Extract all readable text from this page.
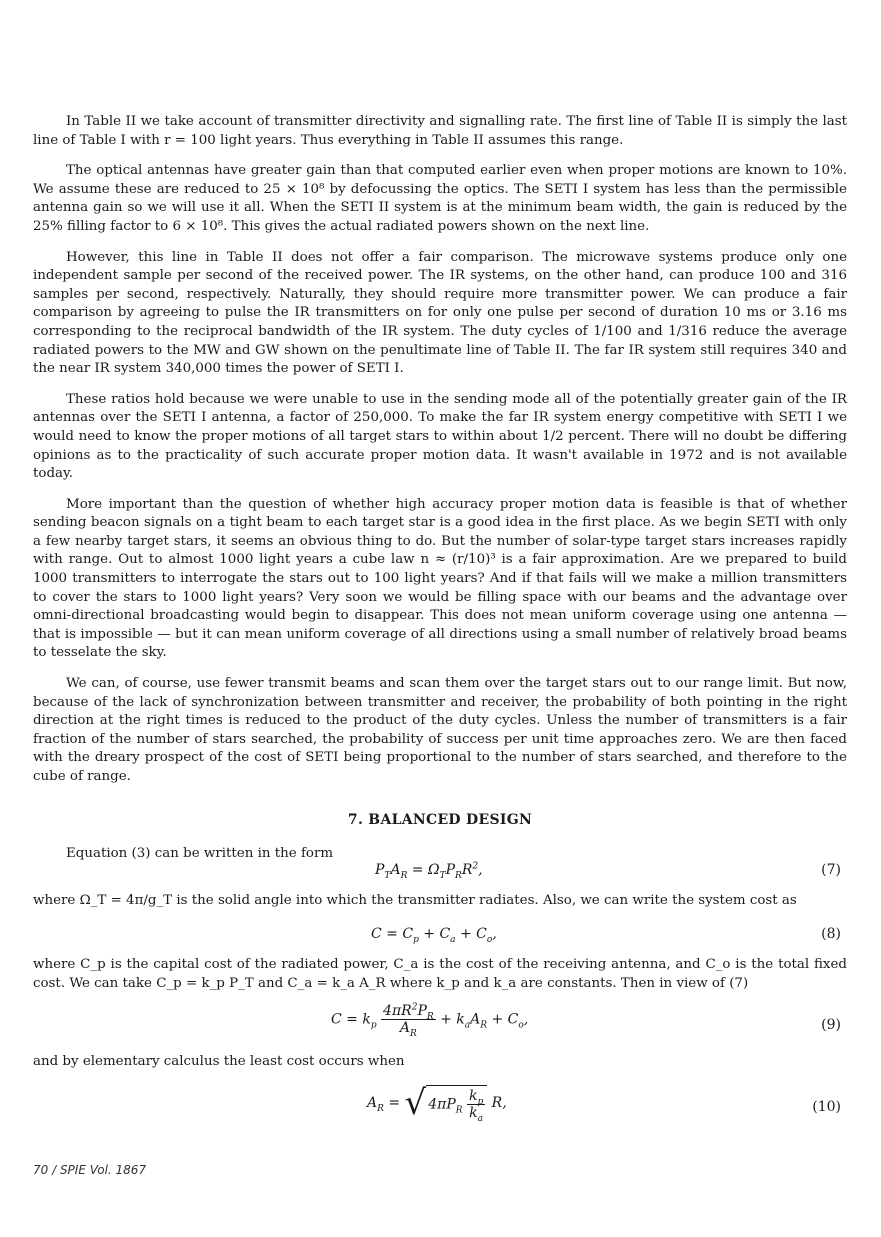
In Table II we take account of transmitter directivity and signalling rate. The first line of Table II is simply the last line of Table I with r = 100 light years. Thus everything in Table II assumes this range.

The optical antennas have greater gain than that computed earlier even when proper motions are known to 10%. We assume these are reduced to 25 × 10⁸ by defocussing the optics. The SETI I system has less than the permissible antenna gain so we will use it all. When the SETI II system is at the minimum beam width, the gain is reduced by the 25% filling factor to 6 × 10⁸. This gives the actual radiated powers shown on the next line.

However, this line in Table II does not offer a fair comparison. The microwave systems produce only one independent sample per second of the received power. The IR systems, on the other hand, can produce 100 and 316 samples per second, respectively. Naturally, they should require more transmitter power. We can produce a fair comparison by agreeing to pulse the IR transmitters on for only one pulse per second of duration 10 ms or 3.16 ms corresponding to the reciprocal bandwidth of the IR system. The duty cycles of 1/100 and 1/316 reduce the average radiated powers to the MW and GW shown on the penultimate line of Table II. The far IR system still requires 340 and the near IR system 340,000 times the power of SETI I.

These ratios hold because we were unable to use in the sending mode all of the potentially greater gain of the IR antennas over the SETI I antenna, a factor of 250,000. To make the far IR system energy competitive with SETI I we would need to know the proper motions of all target stars to within about 1/2 percent. There will no doubt be differing opinions as to the practicality of such accurate proper motion data. It wasn't available in 1972 and is not available today.

More important than the question of whether high accuracy proper motion data is feasible is that of whether sending beacon signals on a tight beam to each target star is a good idea in the first place. As we begin SETI with only a few nearby target stars, it seems an obvious thing to do. But the number of solar-type target stars increases rapidly with range. Out to almost 1000 light years a cube law n ≈ (r/10)³ is a fair approximation. Are we prepared to build 1000 transmitters to interrogate the stars out to 100 light years? And if that fails will we make a million transmitters to cover the stars to 1000 light years? Very soon we would be filling space with our beams and the advantage over omni-directional broadcasting would begin to disappear. This does not mean uniform coverage using one antenna — that is impossible — but it can mean uniform coverage of all directions using a small number of relatively broad beams to tesselate the sky.

We can, of course, use fewer transmit beams and scan them over the target stars out to our range limit. But now, because of the lack of synchronization between transmitter and receiver, the probability of both pointing in the right direction at the right times is reduced to the product of the duty cycles. Unless the number of transmitters is a fair fraction of the number of stars searched, the probability of success per unit time approaches zero. We are then faced with the dreary prospect of the cost of SETI being proportional to the number of stars searched, and therefore to the cube of range.

7. BALANCED DESIGN
Equation (3) can be written in the form
$P_TA_R = \Omega_TP_RR^2$,	(7)
where Ω_T = 4π/g_T is the solid angle into which the transmitter radiates. Also, we can write the system cost as
$C = C_p + C_a + C_o$,	(8)
where C_p is the capital cost of the radiated power, C_a is the cost of the receiving antenna, and C_o is the total fixed cost. We can take C_p = k_p P_T and C_a = k_a A_R where k_p and k_a are constants. Then in view of (7)
$C = k_p \frac{4\pi R^2P_R}{A_R} + k_aA_R + C_o$,	(9)
and by elementary calculus the least cost occurs when
$A_R$ = √ $4\pi P_R \frac{k_p}{k_a} R$,	(10)
70 / SPIE Vol. 1867
